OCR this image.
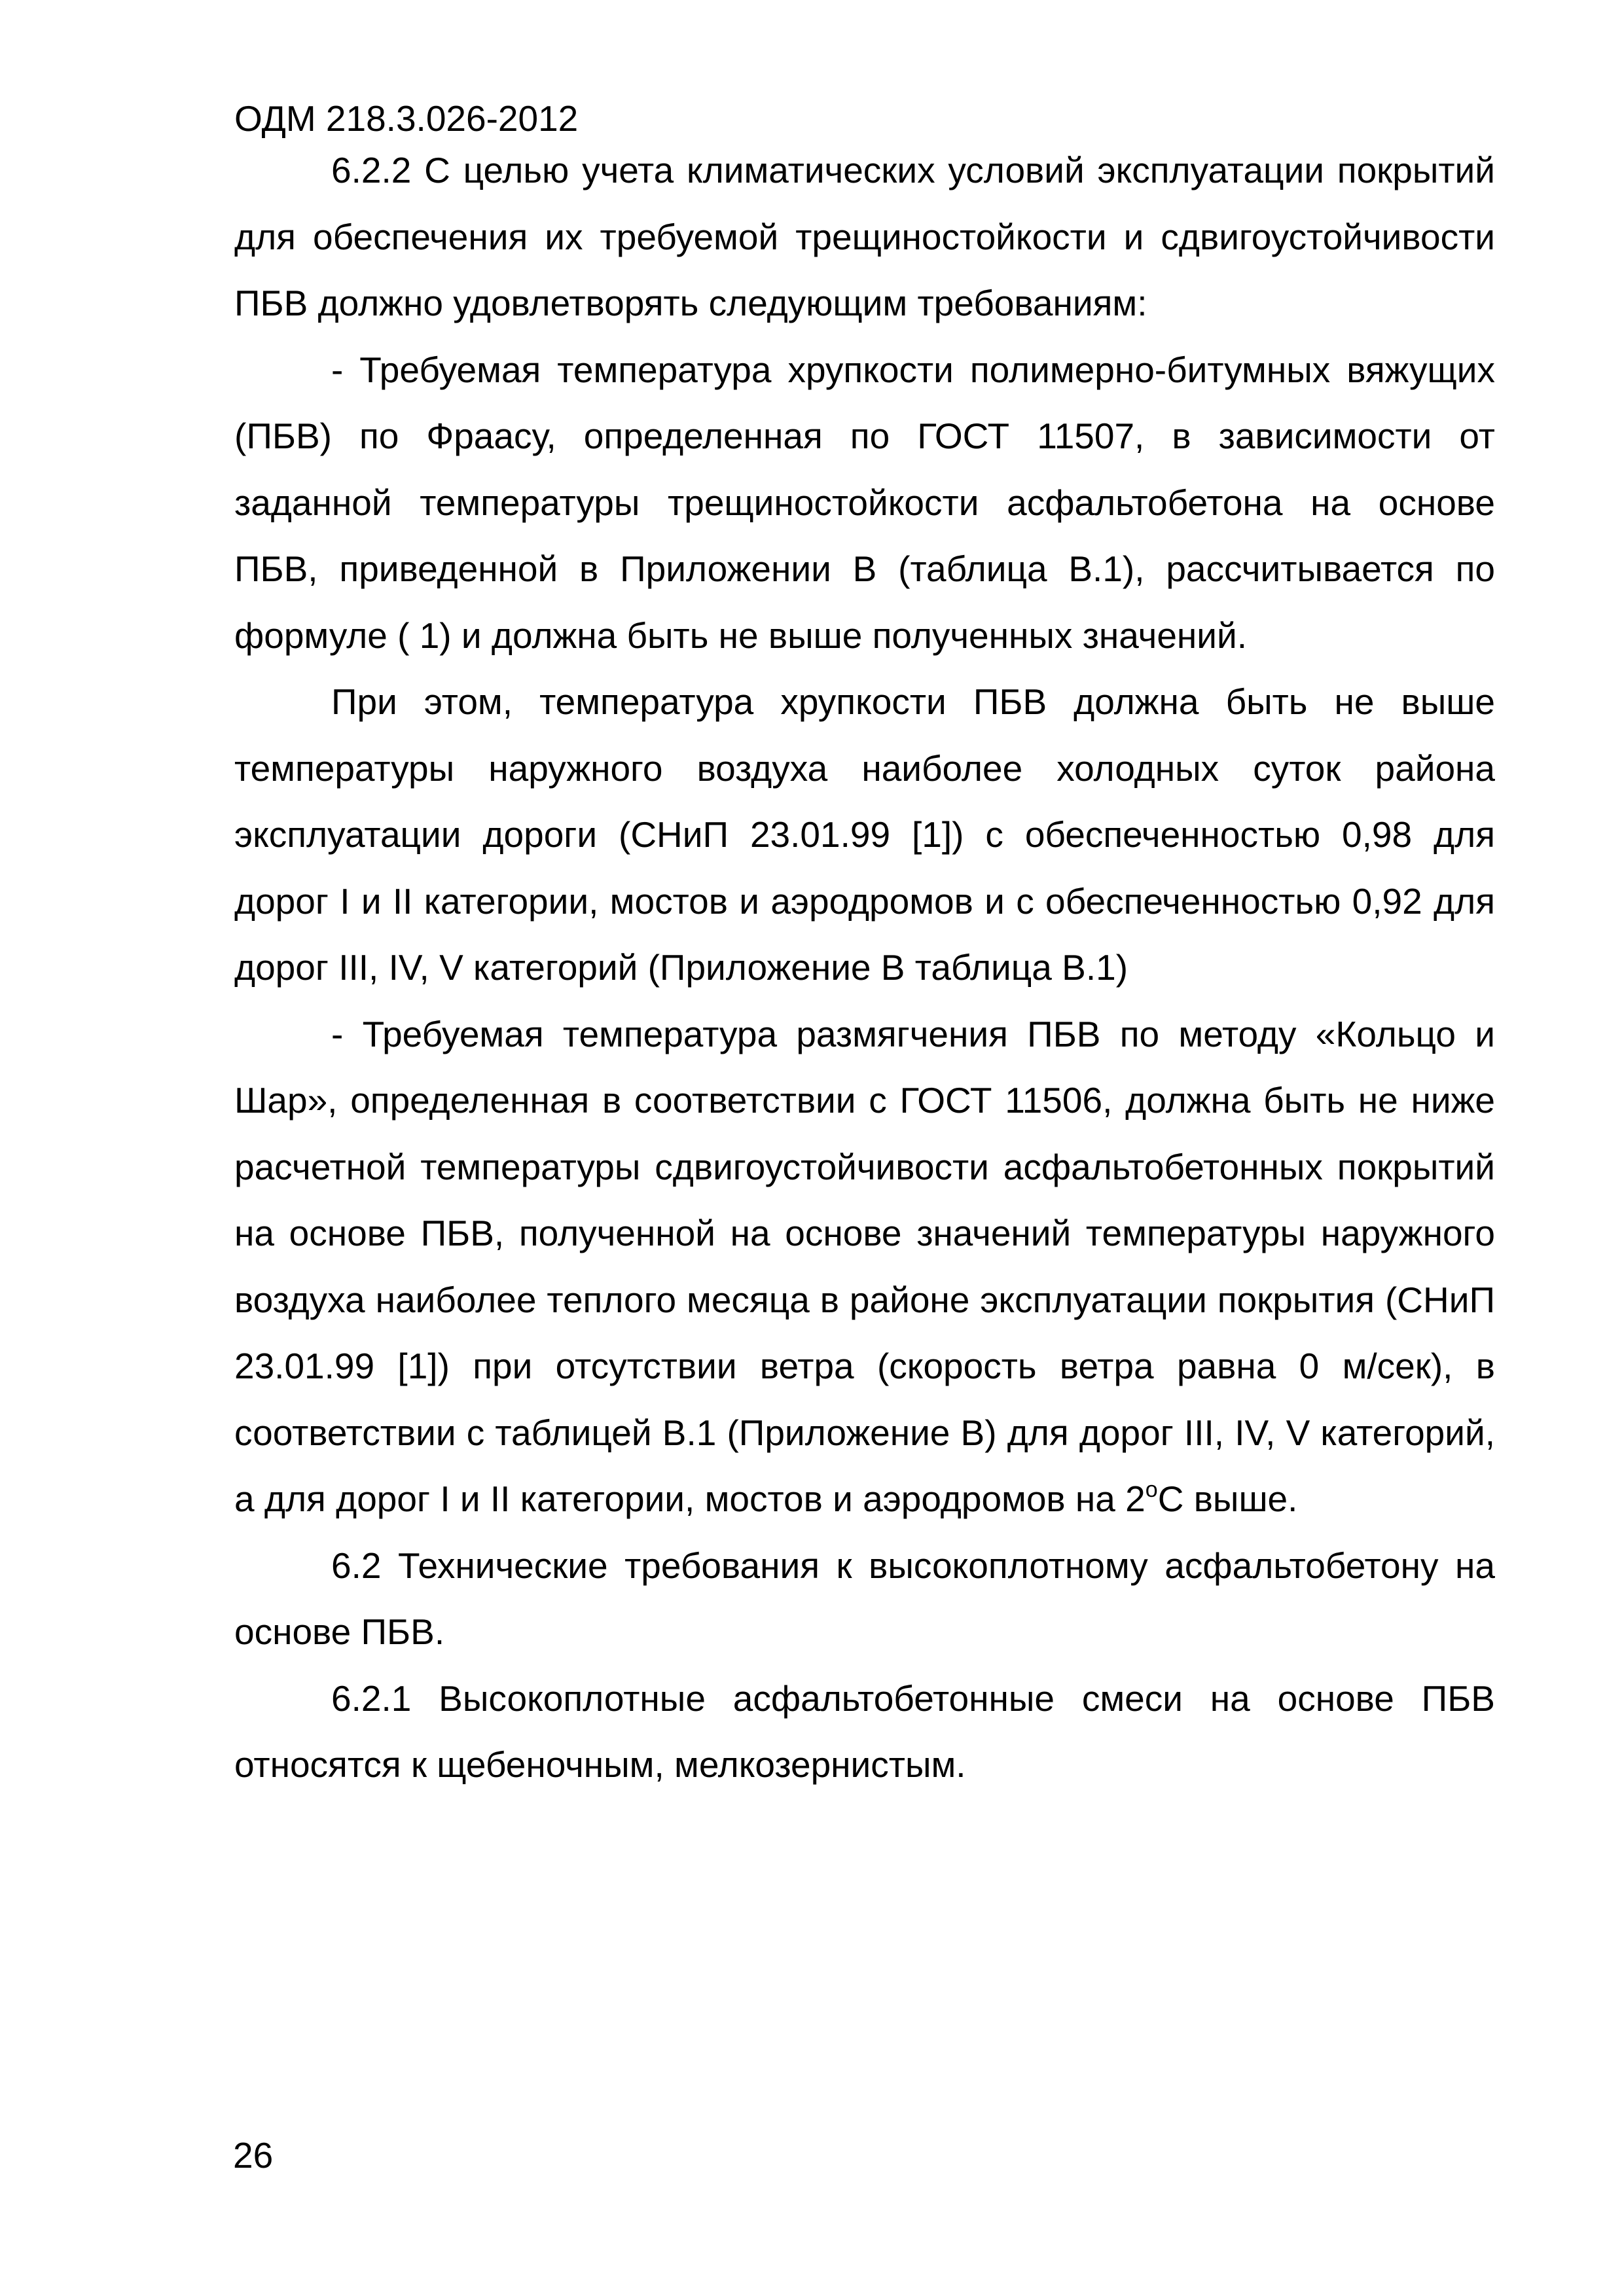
ОДМ 218.3.026-2012

6.2.2 С целью учета климатических условий эксплуатации покрытий для обеспечения их требуемой трещиностойкости и сдвигоустойчивости ПБВ должно удовлетворять следующим требованиям:

- Требуемая температура хрупкости полимерно-битумных вяжущих (ПБВ) по Фраасу, определенная по ГОСТ 11507, в зависимости от заданной температуры трещиностойкости асфальтобетона на основе ПБВ, приведенной в Приложении В (таблица В.1), рассчитывается по формуле ( 1) и должна быть не выше полученных значений.

При этом, температура хрупкости ПБВ должна быть не выше температуры наружного воздуха наиболее холодных суток района эксплуатации дороги (СНиП 23.01.99 [1]) с обеспеченностью 0,98 для дорог I и II категории, мостов и аэродромов и с обеспеченностью 0,92 для дорог III, IV, V категорий (Приложение В таблица В.1)

- Требуемая температура размягчения ПБВ по методу «Кольцо и Шар», определенная в соответствии с ГОСТ 11506, должна быть не ниже расчетной температуры сдвигоустойчивости асфальтобетонных покрытий на основе ПБВ, полученной на основе значений температуры наружного воздуха наиболее теплого месяца в районе эксплуатации покрытия (СНиП 23.01.99 [1]) при отсутствии ветра (скорость ветра равна 0 м/сек), в соответствии с таблицей В.1 (Приложение В) для дорог III, IV, V категорий, а для дорог I и II категории, мостов и аэродромов на 2$^o$С выше.

6.2 Технические требования к высокоплотному асфальтобетону на основе ПБВ.

6.2.1 Высокоплотные асфальтобетонные смеси на основе ПБВ относятся к щебеночным, мелкозернистым.

26
